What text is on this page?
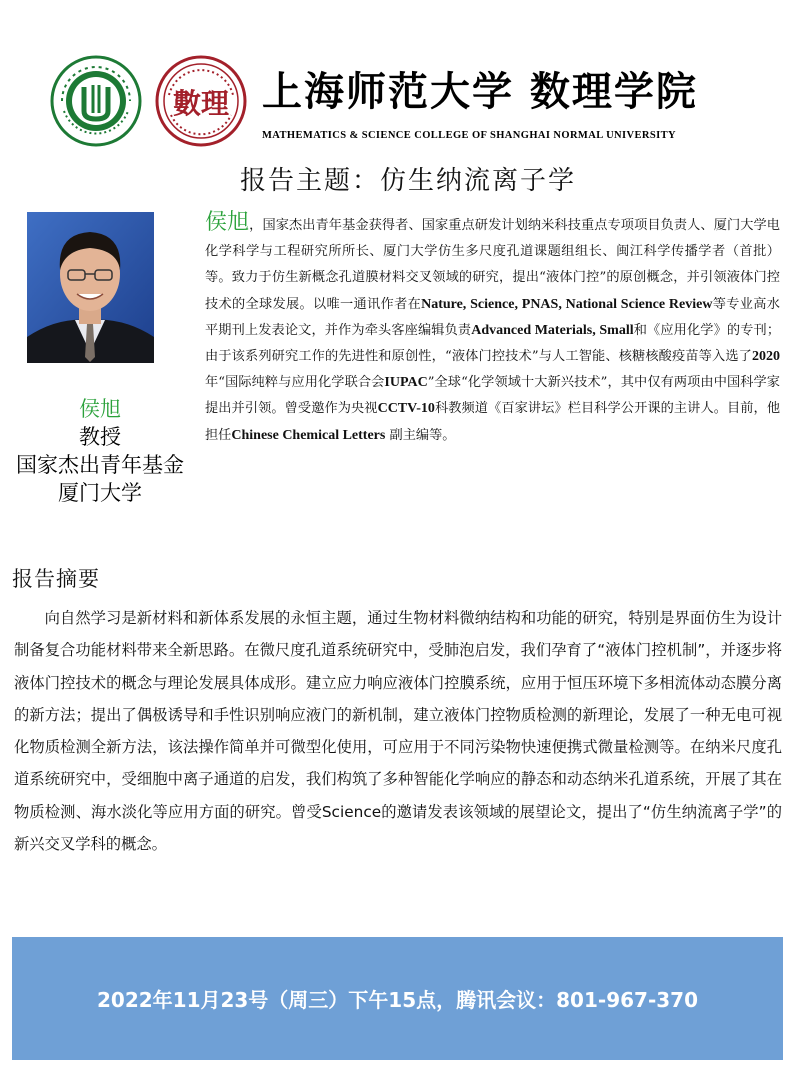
數理 上海师范大学 数理学院
MATHEMATICS & SCIENCE COLLEGE OF SHANGHAI NORMAL UNIVERSITY
报告主题：仿生纳流离子学
侯旭
教授
国家杰出青年基金
厦门大学
侯旭，国家杰出青年基金获得者、国家重点研发计划纳米科技重点专项项目负责人、厦门大学电化学科学与工程研究所所长、厦门大学仿生多尺度孔道课题组组长、闽江科学传播学者（首批）等。致力于仿生新概念孔道膜材料交叉领域的研究，提出“液体门控”的原创概念，并引领液体门控技术的全球发展。以唯一通讯作者在Nature, Science, PNAS, National Science Review等专业高水平期刊上发表论文，并作为牵头客座编辑负责Advanced Materials, Small和《应用化学》的专刊；由于该系列研究工作的先进性和原创性，“液体门控技术”与人工智能、核糖核酸疫苗等入选了2020年“国际纯粹与应用化学联合会IUPAC”全球“化学领域十大新兴技术”，其中仅有两项由中国科学家提出并引领。曾受邀作为央视CCTV-10科教频道《百家讲坛》栏目科学公开课的主讲人。目前，他担任Chinese Chemical Letters 副主编等。
报告摘要
向自然学习是新材料和新体系发展的永恒主题，通过生物材料微纳结构和功能的研究，特别是界面仿生为设计制备复合功能材料带来全新思路。在微尺度孔道系统研究中，受肺泡启发，我们孕育了“液体门控机制”，并逐步将液体门控技术的概念与理论发展具体成形。建立应力响应液体门控膜系统，应用于恒压环境下多相流体动态膜分离的新方法；提出了偶极诱导和手性识别响应液门的新机制，建立液体门控物质检测的新理论，发展了一种无电可视化物质检测全新方法，该法操作简单并可微型化使用，可应用于不同污染物快速便携式微量检测等。在纳米尺度孔道系统研究中，受细胞中离子通道的启发，我们构筑了多种智能化学响应的静态和动态纳米孔道系统，开展了其在物质检测、海水淡化等应用方面的研究。曾受Science的邀请发表该领域的展望论文，提出了“仿生纳流离子学”的新兴交叉学科的概念。
2022年11月23号（周三）下午15点，腾讯会议：801-967-370
